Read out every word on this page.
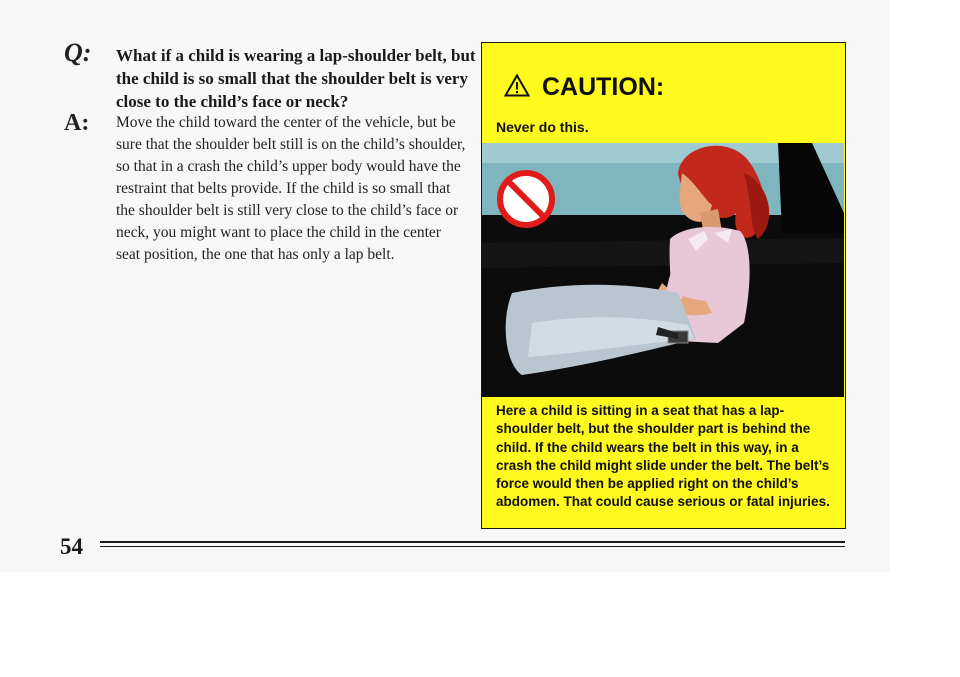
Q: What if a child is wearing a lap-shoulder belt, but the child is so small that the shoulder belt is very close to the child’s face or neck?
A: Move the child toward the center of the vehicle, but be sure that the shoulder belt still is on the child’s shoulder, so that in a crash the child’s upper body would have the restraint that belts provide. If the child is so small that the shoulder belt is still very close to the child’s face or neck, you might want to place the child in the center seat position, the one that has only a lap belt.
CAUTION:
Never do this.
Here a child is sitting in a seat that has a lap-shoulder belt, but the shoulder part is behind the child. If the child wears the belt in this way, in a crash the child might slide under the belt. The belt’s force would then be applied right on the child’s abdomen. That could cause serious or fatal injuries.
54
